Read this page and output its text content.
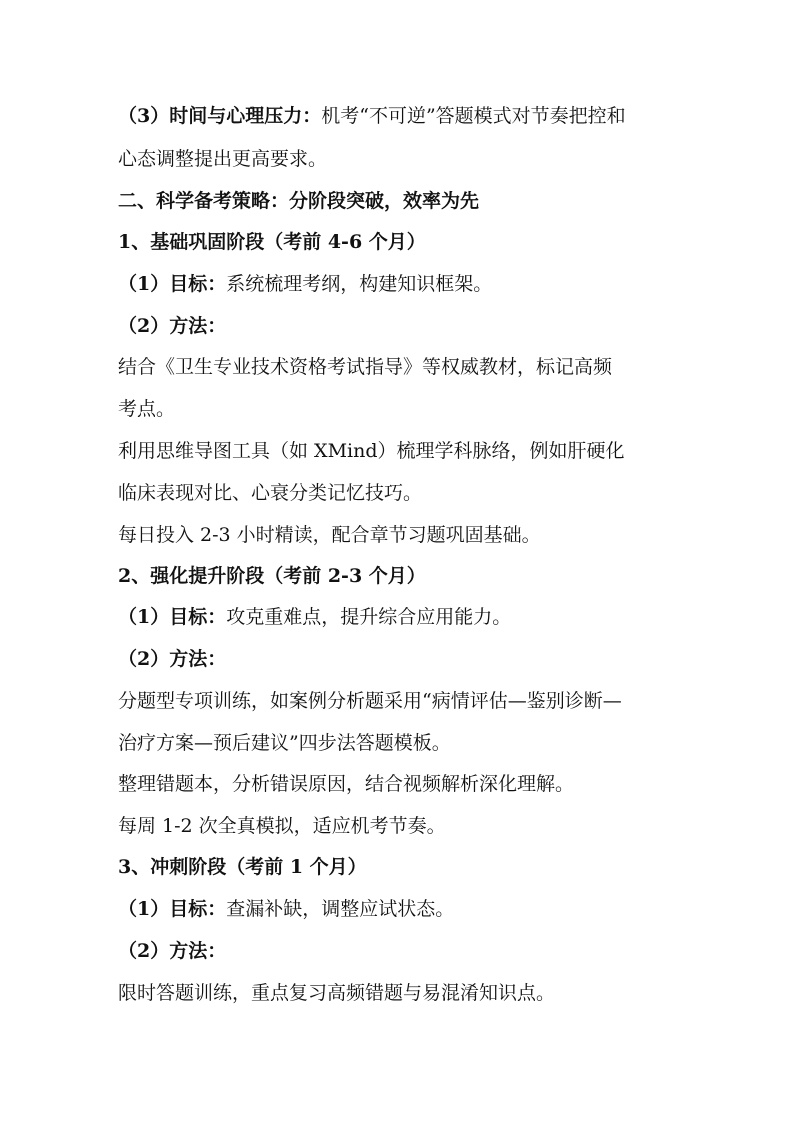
（3）时间与心理压力：机考“不可逆”答题模式对节奏把控和
心态调整提出更高要求。
二、科学备考策略：分阶段突破，效率为先
1、基础巩固阶段（考前 4-6 个月）
（1）目标：系统梳理考纲，构建知识框架。
（2）方法：
结合《卫生专业技术资格考试指导》等权威教材，标记高频
考点。
利用思维导图工具（如 XMind）梳理学科脉络，例如肝硬化
临床表现对比、心衰分类记忆技巧。
每日投入 2-3 小时精读，配合章节习题巩固基础。
2、强化提升阶段（考前 2-3 个月）
（1）目标：攻克重难点，提升综合应用能力。
（2）方法：
分题型专项训练，如案例分析题采用“病情评估—鉴别诊断—
治疗方案—预后建议”四步法答题模板。
整理错题本，分析错误原因，结合视频解析深化理解。
每周 1-2 次全真模拟，适应机考节奏。
3、冲刺阶段（考前 1 个月）
（1）目标：查漏补缺，调整应试状态。
（2）方法：
限时答题训练，重点复习高频错题与易混淆知识点。
